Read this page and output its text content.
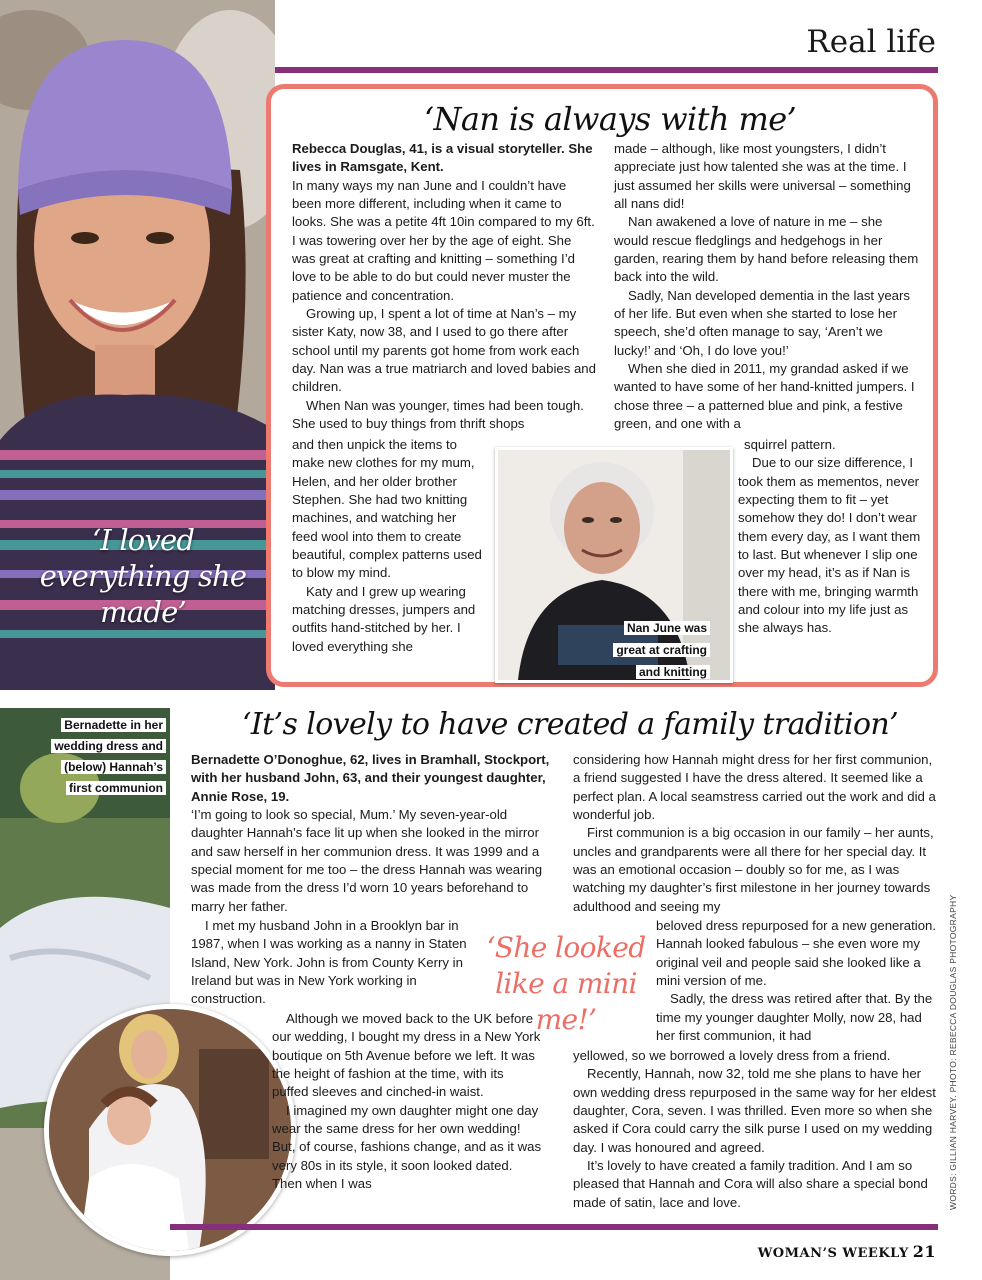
Real life
‘I loved everything she made’
‘Nan is always with me’

Rebecca Douglas, 41, is a visual storyteller. She lives in Ramsgate, Kent.

In many ways my nan June and I couldn’t have been more different, including when it came to looks. She was a petite 4ft 10in compared to my 6ft. I was towering over her by the age of eight. She was great at crafting and knitting – something I’d love to be able to do but could never muster the patience and concentration.

Growing up, I spent a lot of time at Nan’s – my sister Katy, now 38, and I used to go there after school until my parents got home from work each day. Nan was a true matriarch and loved babies and children.

When Nan was younger, times had been tough. She used to buy things from thrift shops

and then unpick the items to make new clothes for my mum, Helen, and her older brother Stephen. She had two knitting machines, and watching her feed wool into them to create beautiful, complex patterns used to blow my mind.

Katy and I grew up wearing matching dresses, jumpers and outfits hand-stitched by her. I loved everything she

made – although, like most youngsters, I didn’t appreciate just how talented she was at the time. I just assumed her skills were universal – something all nans did!

Nan awakened a love of nature in me – she would rescue fledglings and hedgehogs in her garden, rearing them by hand before releasing them back into the wild.

Sadly, Nan developed dementia in the last years of her life. But even when she started to lose her speech, she’d often manage to say, ‘Aren’t we lucky!’ and ‘Oh, I do love you!’

When she died in 2011, my grandad asked if we wanted to have some of her hand-knitted jumpers. I chose three – a patterned blue and pink, a festive green, and one with a

squirrel pattern.

Due to our size difference, I took them as mementos, never expecting them to fit – yet somehow they do! I don’t wear them every day, as I want them to last. But whenever I slip one over my head, it’s as if Nan is there with me, bringing warmth and colour into my life just as she always has.

Nan June was
great at crafting
and knitting
Bernadette in her
wedding dress and
(below) Hannah’s
first communion
‘It’s lovely to have created a family tradition’

Bernadette O’Donoghue, 62, lives in Bramhall, Stockport, with her husband John, 63, and their youngest daughter, Annie Rose, 19.

‘I’m going to look so special, Mum.’ My seven-year-old daughter Hannah’s face lit up when she looked in the mirror and saw herself in her communion dress. It was 1999 and a special moment for me too – the dress Hannah was wearing was made from the dress I’d worn 10 years beforehand to marry her father.

I met my husband John in a Brooklyn bar in 1987, when I was working as a nanny in Staten Island, New York. John is from County Kerry in Ireland but was in New York working in construction.

Although we moved back to the UK before our wedding, I bought my dress in a New York boutique on 5th Avenue before we left. It was the height of fashion at the time, with its puffed sleeves and cinched-in waist.

I imagined my own daughter might one day wear the same dress for her own wedding! But, of course, fashions change, and as it was very 80s in its style, it soon looked dated. Then when I was

‘She looked like a mini me!’

considering how Hannah might dress for her first communion, a friend suggested I have the dress altered. It seemed like a perfect plan. A local seamstress carried out the work and did a wonderful job.

First communion is a big occasion in our family – her aunts, uncles and grandparents were all there for her special day. It was an emotional occasion – doubly so for me, as I was watching my daughter’s first milestone in her journey towards adulthood and seeing my

beloved dress repurposed for a new generation. Hannah looked fabulous – she even wore my original veil and people said she looked like a mini version of me.

Sadly, the dress was retired after that. By the time my younger daughter Molly, now 28, had her first communion, it had

yellowed, so we borrowed a lovely dress from a friend.

Recently, Hannah, now 32, told me she plans to have her own wedding dress repurposed in the same way for her eldest daughter, Cora, seven. I was thrilled. Even more so when she asked if Cora could carry the silk purse I used on my wedding day. I was honoured and agreed.

It’s lovely to have created a family tradition. And I am so pleased that Hannah and Cora will also share a special bond made of satin, lace and love.	WORDS: GILLIAN HARVEY. PHOTO: REBECCA DOUGLAS PHOTOGRAPHY
WOMAN’S WEEKLY 21
